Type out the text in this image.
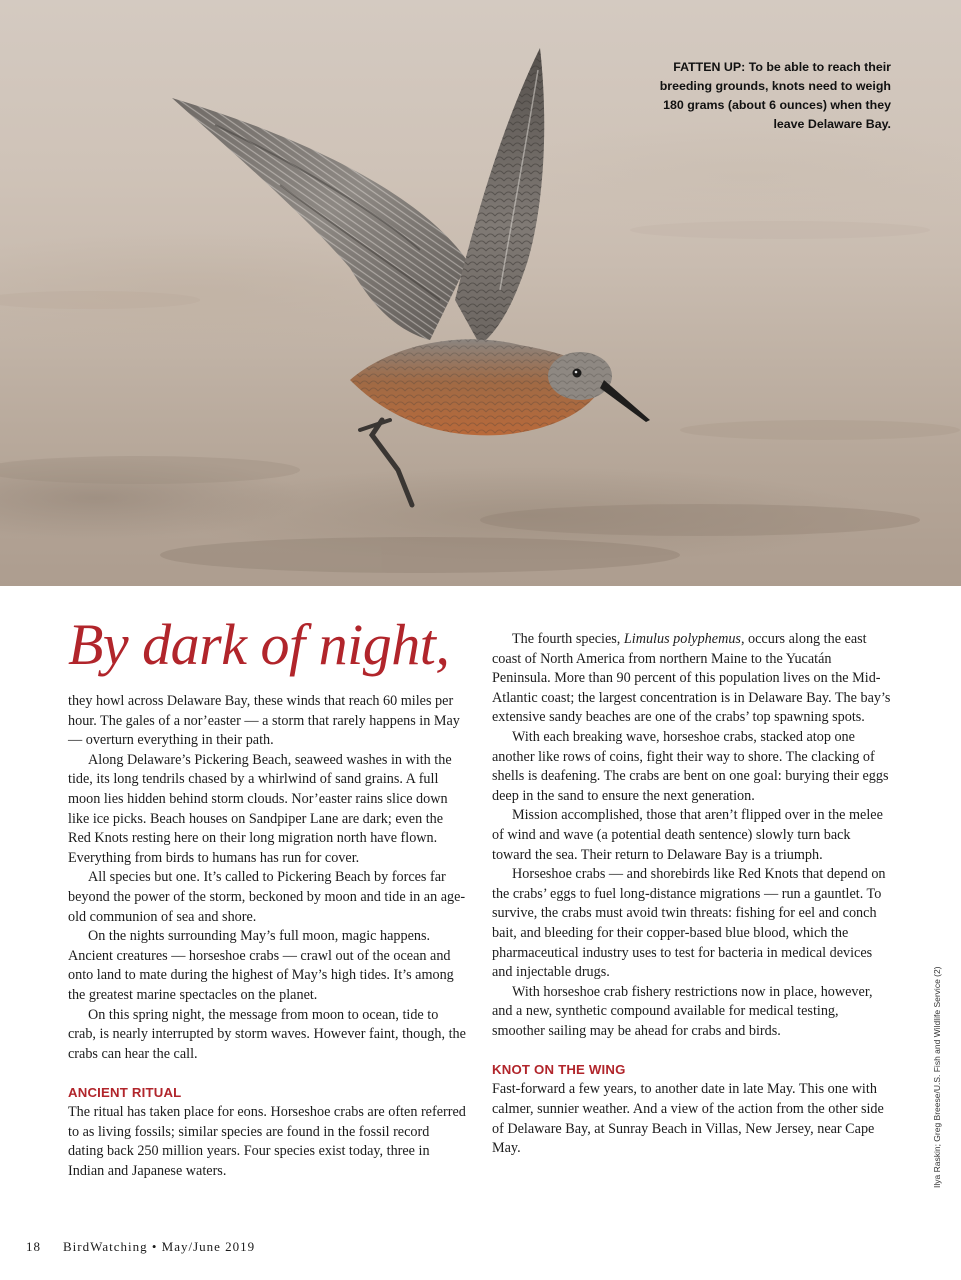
FATTEN UP: To be able to reach their breeding grounds, knots need to weigh 180 grams (about 6 ounces) when they leave Delaware Bay.
By dark of night,

they howl across Delaware Bay, these winds that reach 60 miles per hour. The gales of a nor’easter — a storm that rarely happens in May — overturn everything in their path.

Along Delaware’s Pickering Beach, seaweed washes in with the tide, its long tendrils chased by a whirlwind of sand grains. A full moon lies hidden behind storm clouds. Nor’easter rains slice down like ice picks. Beach houses on Sandpiper Lane are dark; even the Red Knots resting here on their long migration north have flown. Everything from birds to humans has run for cover.

All species but one. It’s called to Pickering Beach by forces far beyond the power of the storm, beckoned by moon and tide in an age-old communion of sea and shore.

On the nights surrounding May’s full moon, magic happens. Ancient creatures — horseshoe crabs — crawl out of the ocean and onto land to mate during the highest of May’s high tides. It’s among the greatest marine spectacles on the planet.

On this spring night, the message from moon to ocean, tide to crab, is nearly interrupted by storm waves. However faint, though, the crabs can hear the call.

ANCIENT RITUAL

The ritual has taken place for eons. Horseshoe crabs are often referred to as living fossils; similar species are found in the fossil record dating back 250 million years. Four species exist today, three in Indian and Japanese waters.

The fourth species, Limulus polyphemus, occurs along the east coast of North America from northern Maine to the Yucatán Peninsula. More than 90 percent of this population lives on the Mid-Atlantic coast; the largest concentration is in Delaware Bay. The bay’s extensive sandy beaches are one of the crabs’ top spawning spots.

With each breaking wave, horseshoe crabs, stacked atop one another like rows of coins, fight their way to shore. The clacking of shells is deafening. The crabs are bent on one goal: burying their eggs deep in the sand to ensure the next generation.

Mission accomplished, those that aren’t flipped over in the melee of wind and wave (a potential death sentence) slowly turn back toward the sea. Their return to Delaware Bay is a triumph.

Horseshoe crabs — and shorebirds like Red Knots that depend on the crabs’ eggs to fuel long-distance migrations — run a gauntlet. To survive, the crabs must avoid twin threats: fishing for eel and conch bait, and bleeding for their copper-based blue blood, which the pharmaceutical industry uses to test for bacteria in medical devices and injectable drugs.

With horseshoe crab fishery restrictions now in place, however, and a new, synthetic compound available for medical testing, smoother sailing may be ahead for crabs and birds.

KNOT ON THE WING

Fast-forward a few years, to another date in late May. This one with calmer, sunnier weather. And a view of the action from the other side of Delaware Bay, at Sunray Beach in Villas, New Jersey, near Cape May.

18 BirdWatching • May/June 2019
Ilya Raskin; Greg Breese/U.S. Fish and Wildlife Service (2)
